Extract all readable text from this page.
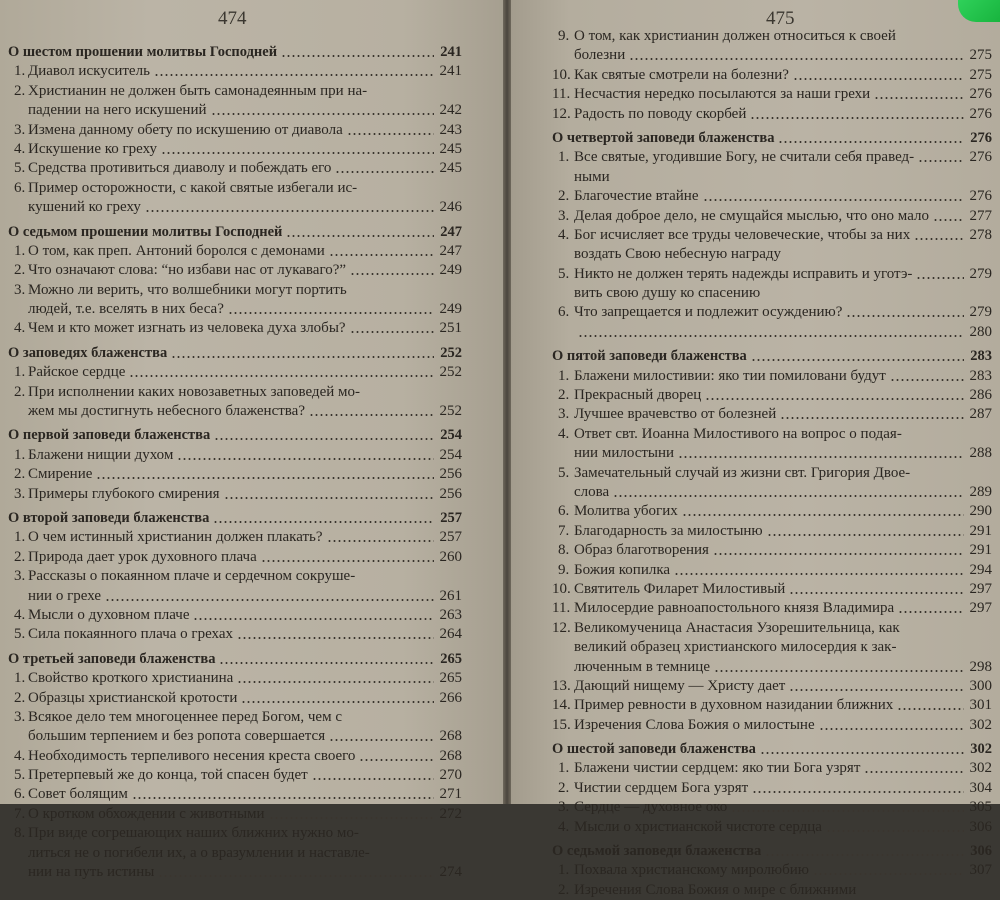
474
О шестом прошении молитвы Господней	241
1. Диавол искуситель	241
2. Христианин не должен быть самонадеянным при на-
падении на него искушений	242
3. Измена данному обету по искушению от диавола	243
4. Искушение ко греху	245
5. Средства противиться диаволу и побеждать его	245
6. Пример осторожности, с какой святые избегали ис-
кушений ко греху	246
О седьмом прошении молитвы Господней	247
1. О том, как преп. Антоний боролся с демонами	247
2. Что означают слова: “но избави нас от лукаваго?”	249
3. Можно ли верить, что волшебники могут портить
людей, т.е. вселять в них беса?	249
4. Чем и кто может изгнать из человека духа злобы?	251
О заповедях блаженства	252
1. Райское сердце	252
2. При исполнении каких новозаветных заповедей мо-
жем мы достигнуть небесного блаженства?	252
О первой заповеди блаженства	254
1. Блажени нищии духом	254
2. Смирение	256
3. Примеры глубокого смирения	256
О второй заповеди блаженства	257
1. О чем истинный христианин должен плакать?	257
2. Природа дает урок духовного плача	260
3. Рассказы о покаянном плаче и сердечном сокруше-
нии о грехе	261
4. Мысли о духовном плаче	263
5. Сила покаянного плача о грехах	264
О третьей заповеди блаженства	265
1. Свойство кроткого христианина	265
2. Образцы христианской кротости	266
3. Всякое дело тем многоценнее перед Богом, чем с
большим терпением и без ропота совершается	268
4. Необходимость терпеливого несения креста своего	268
5. Претерпевый же до конца, той спасен будет	270
6. Совет болящим	271
7. О кротком обхождении с животными	272
8. При виде согрешающих наших ближних нужно мо-
литься не о погибели их, а о вразумлении и наставле-
нии на путь истины	274
475
9. О том, как христианин должен относиться к своей
болезни	275
10. Как святые смотрели на болезни?	275
11. Несчастия нередко посылаются за наши грехи	276
12. Радость по поводу скорбей	276
О четвертой заповеди блаженства	276
1. Все святые, угодившие Богу, не считали себя правед-	276
ными
2. Благочестие втайне	276
3. Делая доброе дело, не смущайся мыслью, что оно мало	277
4. Бог исчисляет все труды человеческие, чтобы за них	278
воздать Свою небесную награду
5. Никто не должен терять надежды исправить и уготэ-	279
вить свою душу ко спасению
6. Что запрещается и подлежит осуждению?	279
280
О пятой заповеди блаженства	283
1. Блажени милостивии: яко тии помиловани будут	283
2. Прекрасный дворец	286
3. Лучшее врачевство от болезней	287
4. Ответ свт. Иоанна Милостивого на вопрос о подая-
нии милостыни	288
5. Замечательный случай из жизни свт. Григория Двое-
слова	289
6. Молитва убогих	290
7. Благодарность за милостыню	291
8. Образ благотворения	291
9. Божия копилка	294
10. Святитель Филарет Милостивый	297
11. Милосердие равноапостольного князя Владимира	297
12. Великомученица Анастасия Узорешительница, как
великий образец христианского милосердия к зак-
люченным в темнице	298
13. Дающий нищему — Христу дает	300
14. Пример ревности в духовном назидании ближних	301
15. Изречения Слова Божия о милостыне	302
О шестой заповеди блаженства	302
1. Блажени чистии сердцем: яко тии Бога узрят	302
2. Чистии сердцем Бога узрят	304
3. Сердце — духовное око	305
4. Мысли о христианской чистоте сердца	306
О седьмой заповеди блаженства	306
1. Похвала христианскому миролюбию	307
2. Изречения Слова Божия о мире с ближними
